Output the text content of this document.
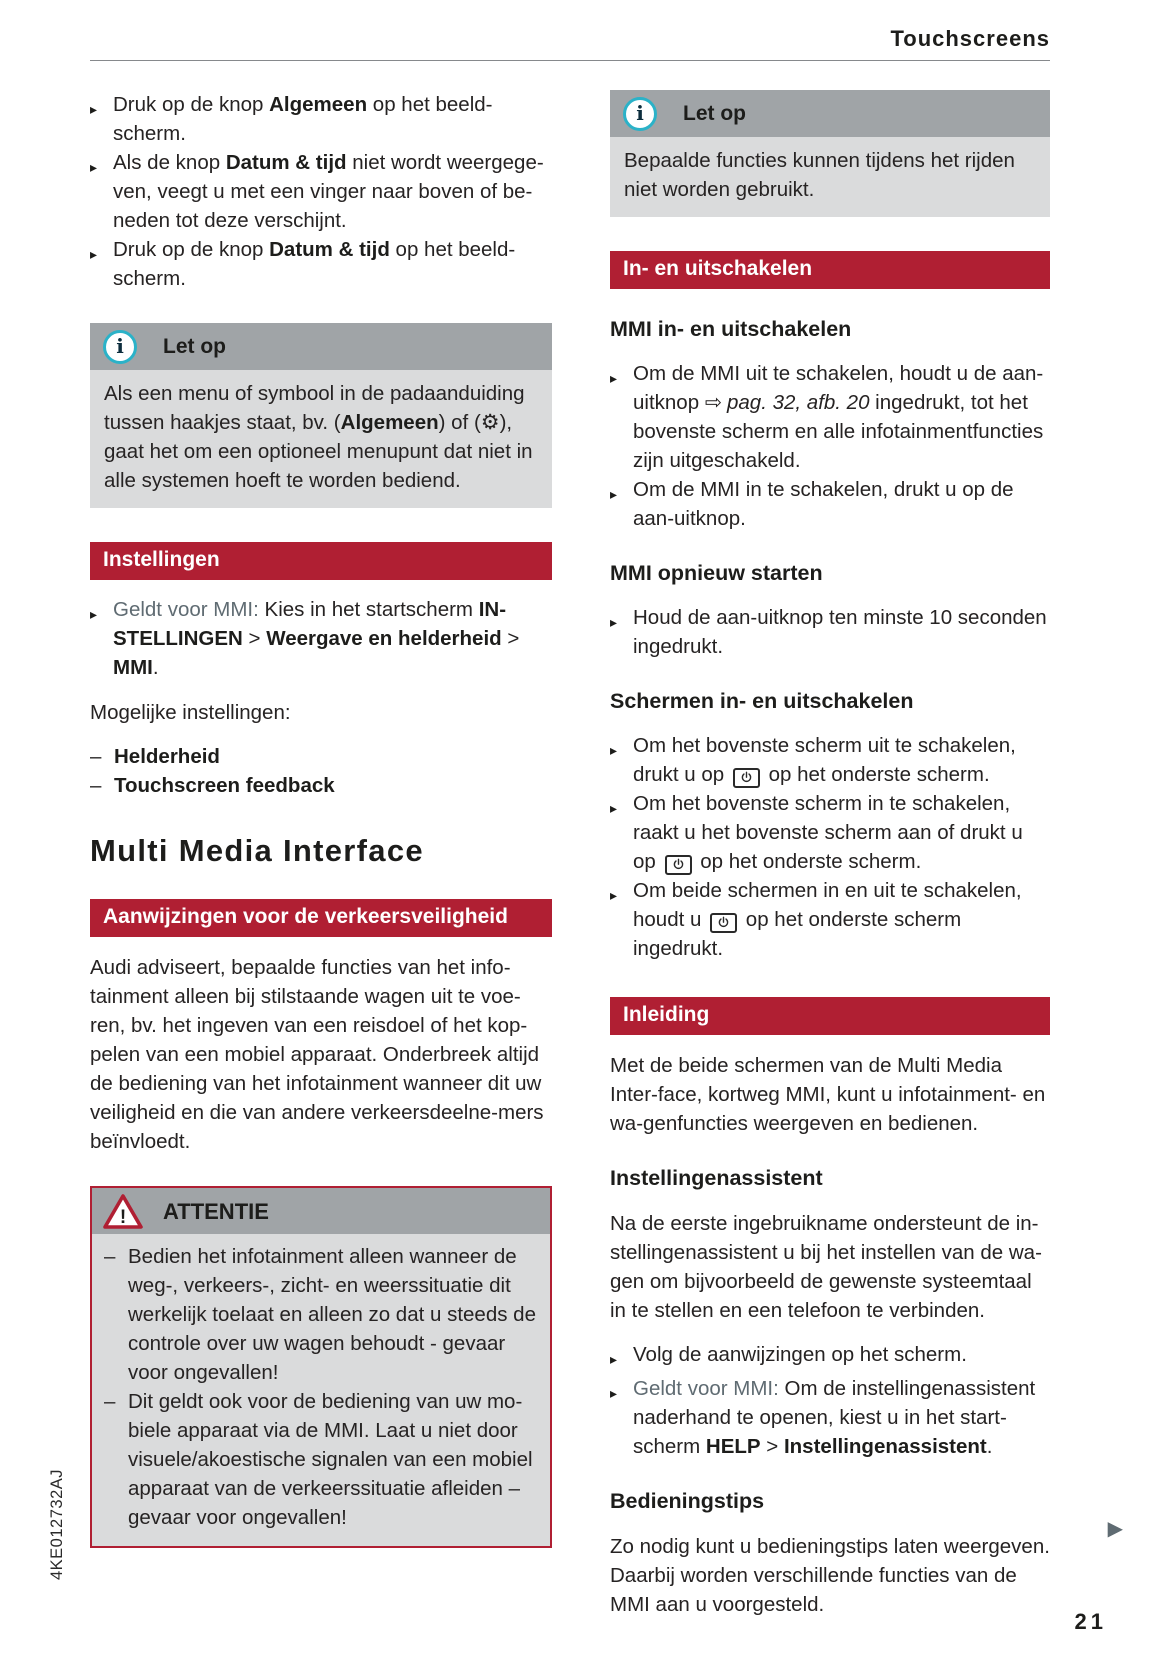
Touchscreens
▸ Druk op de knop Algemeen op het beeld-scherm.
▸ Als de knop Datum & tijd niet wordt weergege-ven, veegt u met een vinger naar boven of be-neden tot deze verschijnt.
▸ Druk op de knop Datum & tijd op het beeld-scherm.
i	Let op
Als een menu of symbool in de padaanduiding tussen haakjes staat, bv. (Algemeen) of (⚙), gaat het om een optioneel menupunt dat niet in alle systemen hoeft te worden bediend.
Instellingen
▸ Geldt voor MMI: Kies in het startscherm IN-STELLINGEN > Weergave en helderheid > MMI.
Mogelijke instellingen:
– Helderheid
– Touchscreen feedback
Multi Media Interface
Aanwijzingen voor de verkeersveiligheid
Audi adviseert, bepaalde functies van het info-tainment alleen bij stilstaande wagen uit te voe-ren, bv. het ingeven van een reisdoel of het kop-pelen van een mobiel apparaat. Onderbreek altijd de bediening van het infotainment wanneer dit uw veiligheid en die van andere verkeersdeelne-mers beïnvloedt.
! ATTENTIE
– Bedien het infotainment alleen wanneer de weg-, verkeers-, zicht- en weerssituatie dit werkelijk toelaat en alleen zo dat u steeds de controle over uw wagen behoudt - gevaar voor ongevallen!
– Dit geldt ook voor de bediening van uw mo-biele apparaat via de MMI. Laat u niet door visuele/akoestische signalen van een mobiel apparaat van de verkeerssituatie afleiden – gevaar voor ongevallen!
i	Let op
Bepaalde functies kunnen tijdens het rijden niet worden gebruikt.
In- en uitschakelen
MMI in- en uitschakelen
▸ Om de MMI uit te schakelen, houdt u de aan-uitknop ⇨ pag. 32, afb. 20 ingedrukt, tot het bovenste scherm en alle infotainmentfuncties zijn uitgeschakeld.
▸ Om de MMI in te schakelen, drukt u op de aan-uitknop.
MMI opnieuw starten
▸ Houd de aan-uitknop ten minste 10 seconden ingedrukt.
Schermen in- en uitschakelen
▸ Om het bovenste scherm uit te schakelen, drukt u op
op het onderste scherm.
▸ Om het bovenste scherm in te schakelen, raakt u het bovenste scherm aan of drukt u op
op het onderste scherm.
▸ Om beide schermen in en uit te schakelen, houdt u
op het onderste scherm ingedrukt.
Inleiding
Met de beide schermen van de Multi Media Inter-face, kortweg MMI, kunt u infotainment- en wa-genfuncties weergeven en bedienen.
Instellingenassistent
Na de eerste ingebruikname ondersteunt de in-stellingenassistent u bij het instellen van de wa-gen om bijvoorbeeld de gewenste systeemtaal in te stellen en een telefoon te verbinden.
▸ Volg de aanwijzingen op het scherm.
▸ Geldt voor MMI: Om de instellingenassistent naderhand te openen, kiest u in het start-scherm HELP > Instellingenassistent.
Bedieningstips
Zo nodig kunt u bedieningstips laten weergeven. Daarbij worden verschillende functies van de MMI aan u voorgesteld.
▶
21
4KE012732AJ
